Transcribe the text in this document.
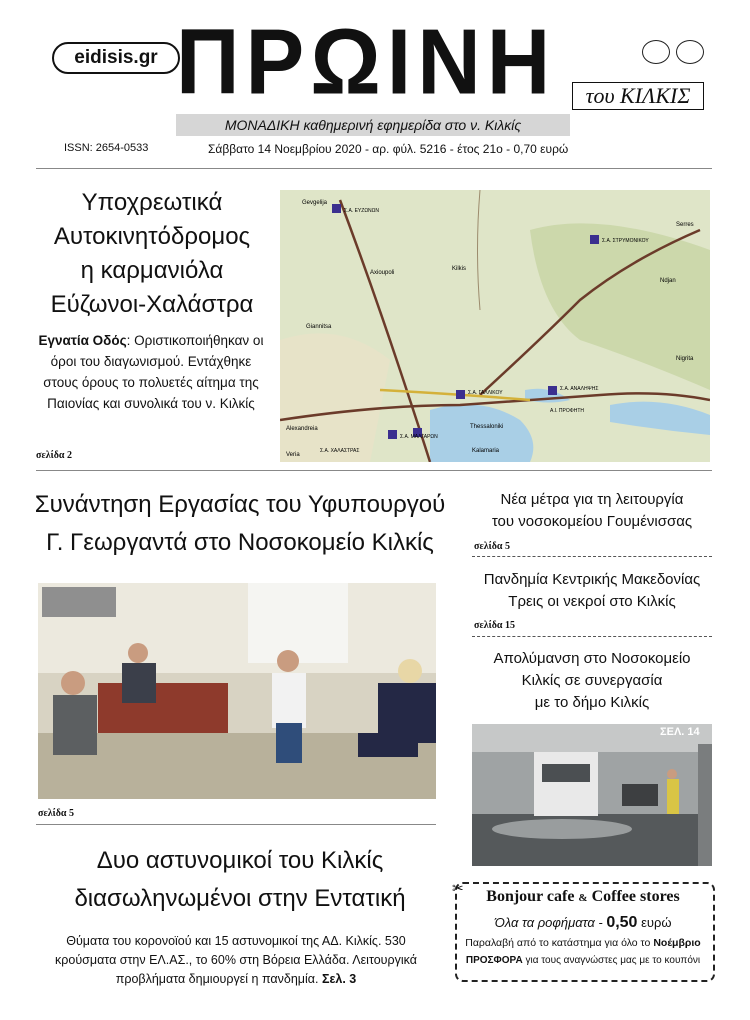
eidisis.gr ΠΡΩΙΝΗ	του ΚΙΛΚΙΣ
ΜΟΝΑΔΙΚΗ καθημερινή εφημερίδα στο ν. Κιλκίς
ISSN: 2654-0533	Σάββατο 14 Νοεμβρίου 2020 - αρ. φύλ. 5216 - έτος 21ο - 0,70 ευρώ
Υποχρεωτικά
Αυτοκινητόδρομος
η καρμανιόλα
Εύζωνοι-Χαλάστρα
Εγνατία Οδός: Οριστικοποιήθηκαν οι όροι του διαγωνισμού. Εντάχθηκε στους όρους το πολυετές αίτημα της Παιονίας και συνολικά του ν. Κιλκίς
σελίδα 2
Gevgelija
Σ.Α. ΕΥΖΩΝΩΝ
Σ.Α. ΣΤΡΥΜΟΝΙΚΟΥ
Axioupoli
Kilkis
Serres
Giannitsa
Ndjan
Σ.Α. ΑΝΑΛΗΨΗΣ
Σ.Α. ΓΑΛΛΙΚΟΥ
Α.Ι. ΠΡΟΦΗΤΗ
Thessaloniki
Σ.Α. ΜΑΛΓΑΡΩΝ
Kalamaria
Σ.Α. ΧΑΛΑΣΤΡΑΣ
Alexandreia
Veria
Nigrita
Συνάντηση Εργασίας του Υφυπουργού
Γ. Γεωργαντά στο Νοσοκομείο Κιλκίς
σελίδα 5
Νέα μέτρα για τη λειτουργία
του νοσοκομείου Γουμένισσας
σελίδα 5
Πανδημία Κεντρικής Μακεδονίας
Τρεις οι νεκροί στο Κιλκίς
σελίδα 15
Απολύμανση στο Νοσοκομείο
Κιλκίς σε συνεργασία
με το δήμο Κιλκίς
ΣΕΛ. 14
Δυο αστυνομικοί του Κιλκίς
διασωληνωμένοι στην Εντατική
Θύματα του κορονοϊού και 15 αστυνομικοί της ΑΔ. Κιλκίς. 530 κρούσματα στην ΕΛ.ΑΣ., το 60% στη Βόρεια Ελλάδα. Λειτουργικά προβλήματα δημιουργεί η πανδημία. Σελ. 3
✂	Bonjour cafe & Coffee stores
Όλα τα ροφήματα - 0,50 ευρώ
Παραλαβή από το κατάστημα για όλο το Νοέμβριο
ΠΡΟΣΦΟΡΑ για τους αναγνώστες μας με το κουπόνι
